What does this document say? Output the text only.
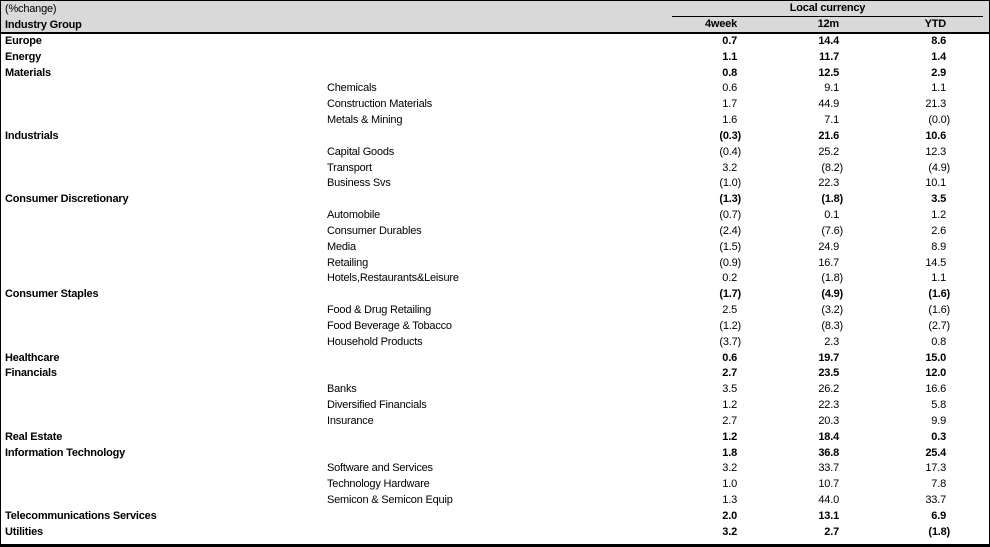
(%change)
Industry Group
Local currency
4week	12m	YTD
Europe	0.7	14.4	8.6
Energy	1.1	11.7	1.4
Materials	0.8	12.5	2.9
Chemicals	0.6	9.1	1.1
Construction Materials	1.7	44.9	21.3
Metals & Mining	1.6	7.1	(0.0)
Industrials	(0.3)	21.6	10.6
Capital Goods	(0.4)	25.2	12.3
Transport	3.2	(8.2)	(4.9)
Business Svs	(1.0)	22.3	10.1
Consumer Discretionary	(1.3)	(1.8)	3.5
Automobile	(0.7)	0.1	1.2
Consumer Durables	(2.4)	(7.6)	2.6
Media	(1.5)	24.9	8.9
Retailing	(0.9)	16.7	14.5
Hotels,Restaurants&Leisure	0.2	(1.8)	1.1
Consumer Staples	(1.7)	(4.9)	(1.6)
Food & Drug Retailing	2.5	(3.2)	(1.6)
Food Beverage & Tobacco	(1.2)	(8.3)	(2.7)
Household Products	(3.7)	2.3	0.8
Healthcare	0.6	19.7	15.0
Financials	2.7	23.5	12.0
Banks	3.5	26.2	16.6
Diversified Financials	1.2	22.3	5.8
Insurance	2.7	20.3	9.9
Real Estate	1.2	18.4	0.3
Information Technology	1.8	36.8	25.4
Software and Services	3.2	33.7	17.3
Technology Hardware	1.0	10.7	7.8
Semicon & Semicon Equip	1.3	44.0	33.7
Telecommunications Services	2.0	13.1	6.9
Utilities	3.2	2.7	(1.8)
